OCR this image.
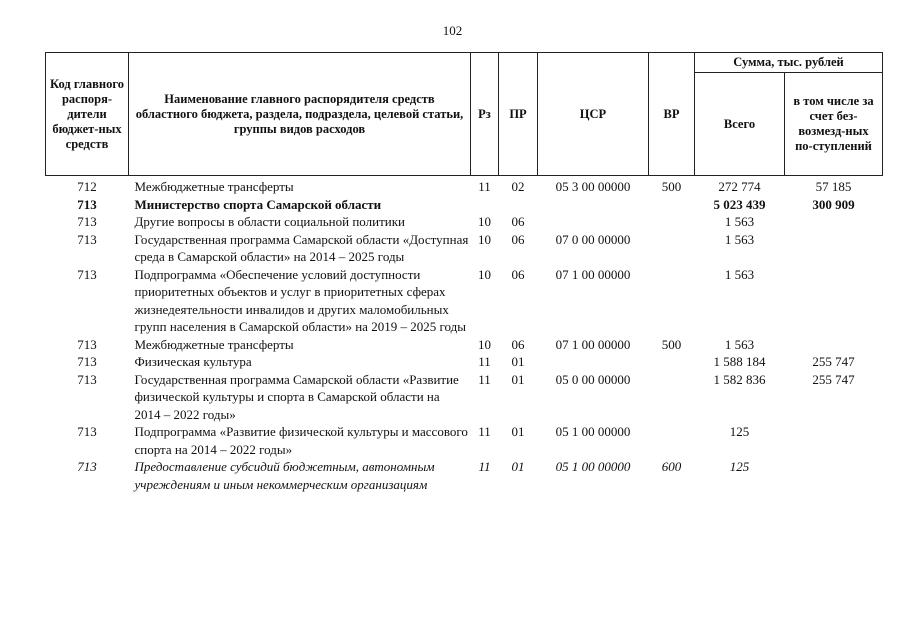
102
Код главного распоря-дители бюджет-ных средств	Наименование главного распорядителя средств областного бюджета, раздела, подраздела, целевой статьи, группы видов расходов	Рз	ПР	ЦСР	ВР	Сумма, тыс. рублей	
						Всего	в том числе за счет без-возмезд-ных по-ступлений
712	Межбюджетные трансферты	11	02	05 3 00 00000	500	272 774	57 185
713	Министерство спорта Самарской области					5 023 439	300 909
713	Другие вопросы в области социальной политики	10	06			1 563	
713	Государственная программа Самарской области «Доступная среда в Самарской области» на 2014 – 2025 годы	10	06	07 0 00 00000		1 563	
713	Подпрограмма «Обеспечение условий доступности приоритетных объектов и услуг в приоритетных сферах жизнедеятельности инвалидов и других маломобильных групп населения в Самарской области» на 2019 – 2025 годы	10	06	07 1 00 00000		1 563	
713	Межбюджетные трансферты	10	06	07 1 00 00000	500	1 563	
713	Физическая культура	11	01			1 588 184	255 747
713	Государственная программа Самарской области «Развитие физической культуры и спорта в Самарской области на 2014 – 2022 годы»	11	01	05 0 00 00000		1 582 836	255 747
713	Подпрограмма «Развитие физической культуры и массового спорта на 2014 – 2022 годы»	11	01	05 1 00 00000		125	
713	Предоставление субсидий бюджетным, автономным учреждениям и иным некоммерческим организациям	11	01	05 1 00 00000	600	125	
